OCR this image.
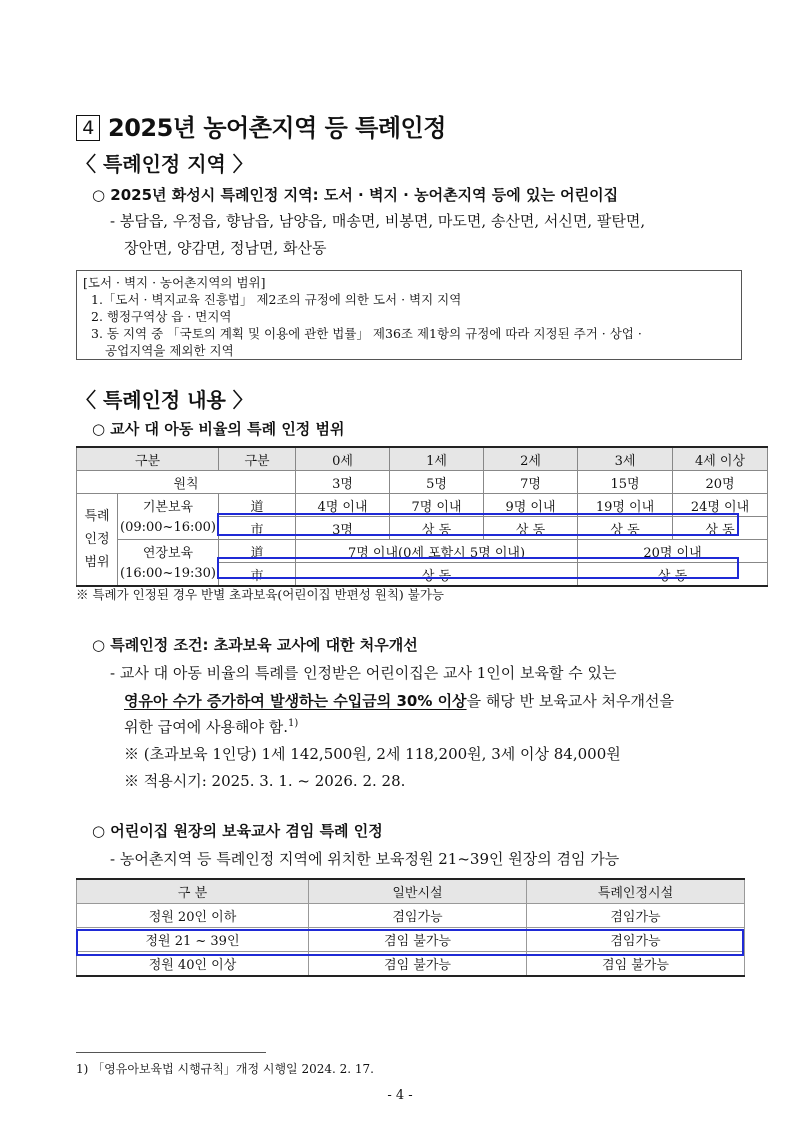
4 2025년 농어촌지역 등 특례인정
〈 특례인정 지역 〉
○ 2025년 화성시 특례인정 지역: 도서 · 벽지 · 농어촌지역 등에 있는 어린이집
- 봉담읍, 우정읍, 향남읍, 남양읍, 매송면, 비봉면, 마도면, 송산면, 서신면, 팔탄면,
장안면, 양감면, 정남면, 화산동
[도서 · 벽지 · 농어촌지역의 범위]
1.「도서 · 벽지교육 진흥법」 제2조의 규정에 의한 도서 · 벽지 지역
2. 행정구역상 읍 · 면지역
3. 동 지역 중 「국토의 계획 및 이용에 관한 법률」 제36조 제1항의 규정에 따라 지정된 주거 · 상업 ·
공업지역을 제외한 지역
〈 특례인정 내용 〉
○ 교사 대 아동 비율의 특례 인정 범위
구분		구분	0세	1세	2세	3세	4세 이상
원칙			3명	5명	7명	15명	20명

특례
인정
범위	기본보육	道	4명 이내	7명 이내	9명 이내	19명 이내	24명 이내
	(09:00~16:00)	市	3명	상 동	상 동	상 동	상 동
	연장보육	道	7명 이내(0세 포함시 5명 이내)			20명 이내	
	(16:00~19:30)	市	상 동			상 동	
※ 특례가 인정된 경우 반별 초과보육(어린이집 반편성 원칙) 불가능
○ 특례인정 조건: 초과보육 교사에 대한 처우개선
- 교사 대 아동 비율의 특례를 인정받은 어린이집은 교사 1인이 보육할 수 있는
영유아 수가 증가하여 발생하는 수입금의 30% 이상을 해당 반 보육교사 처우개선을
위한 급여에 사용해야 함.$^{1)}$
※ (초과보육 1인당) 1세 142,500원, 2세 118,200원, 3세 이상 84,000원
※ 적용시기: 2025. 3. 1. ~ 2026. 2. 28.
○ 어린이집 원장의 보육교사 겸임 특례 인정
- 농어촌지역 등 특례인정 지역에 위치한 보육정원 21~39인 원장의 겸임 가능
구 분	일반시설	특례인정시설
정원 20인 이하	겸임가능	겸임가능
정원 21 ~ 39인	겸임 불가능	겸임가능
정원 40인 이상	겸임 불가능	겸임 불가능
1) 「영유아보육법 시행규칙」개정 시행일 2024. 2. 17.
- 4 -
